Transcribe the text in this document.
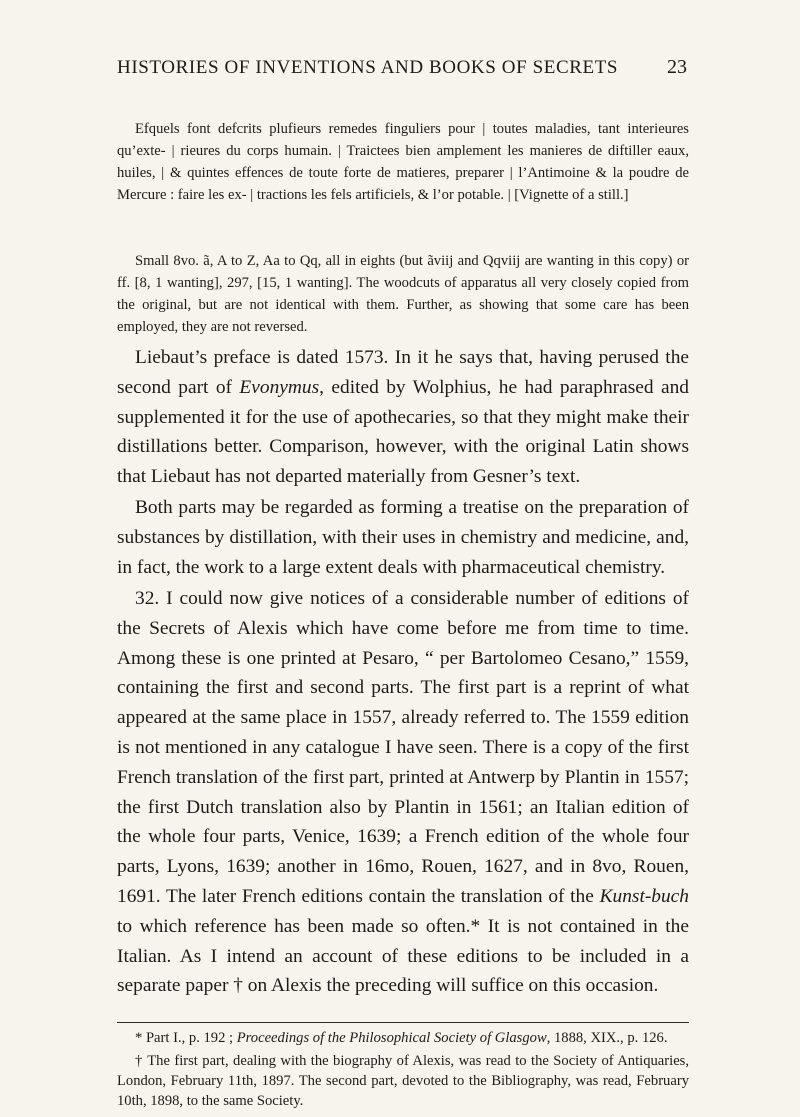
HISTORIES OF INVENTIONS AND BOOKS OF SECRETS 23
Efquels font defcrits plufieurs remedes finguliers pour | toutes maladies, tant interieures qu’exte- | rieures du corps humain. | Traictees bien amplement les manieres de diftiller eaux, huiles, | & quintes effences de toute forte de matieres, preparer | l’Antimoine & la poudre de Mercure : faire les ex- | tractions les fels artificiels, & l’or potable. | [Vignette of a still.]
Small 8vo. ã, A to Z, Aa to Qq, all in eights (but ãviij and Qqviij are wanting in this copy) or ff. [8, 1 wanting], 297, [15, 1 wanting]. The woodcuts of apparatus all very closely copied from the original, but are not identical with them. Further, as showing that some care has been employed, they are not reversed.

Liebaut’s preface is dated 1573. In it he says that, having perused the second part of Evonymus, edited by Wolphius, he had paraphrased and supplemented it for the use of apothecaries, so that they might make their distillations better. Comparison, however, with the original Latin shows that Liebaut has not departed materially from Gesner’s text.

Both parts may be regarded as forming a treatise on the preparation of substances by distillation, with their uses in chemistry and medicine, and, in fact, the work to a large extent deals with pharmaceutical chemistry.

32. I could now give notices of a considerable number of editions of the Secrets of Alexis which have come before me from time to time. Among these is one printed at Pesaro, “ per Bartolomeo Cesano,” 1559, containing the first and second parts. The first part is a reprint of what appeared at the same place in 1557, already referred to. The 1559 edition is not mentioned in any catalogue I have seen. There is a copy of the first French translation of the first part, printed at Antwerp by Plantin in 1557; the first Dutch translation also by Plantin in 1561; an Italian edition of the whole four parts, Venice, 1639; a French edition of the whole four parts, Lyons, 1639; another in 16mo, Rouen, 1627, and in 8vo, Rouen, 1691. The later French editions contain the translation of the Kunst-buch to which reference has been made so often.* It is not contained in the Italian. As I intend an account of these editions to be included in a separate paper † on Alexis the preceding will suffice on this occasion.

* Part I., p. 192 ; Proceedings of the Philosophical Society of Glasgow, 1888, XIX., p. 126.

† The first part, dealing with the biography of Alexis, was read to the Society of Antiquaries, London, February 11th, 1897. The second part, devoted to the Bibliography, was read, February 10th, 1898, to the same Society.
